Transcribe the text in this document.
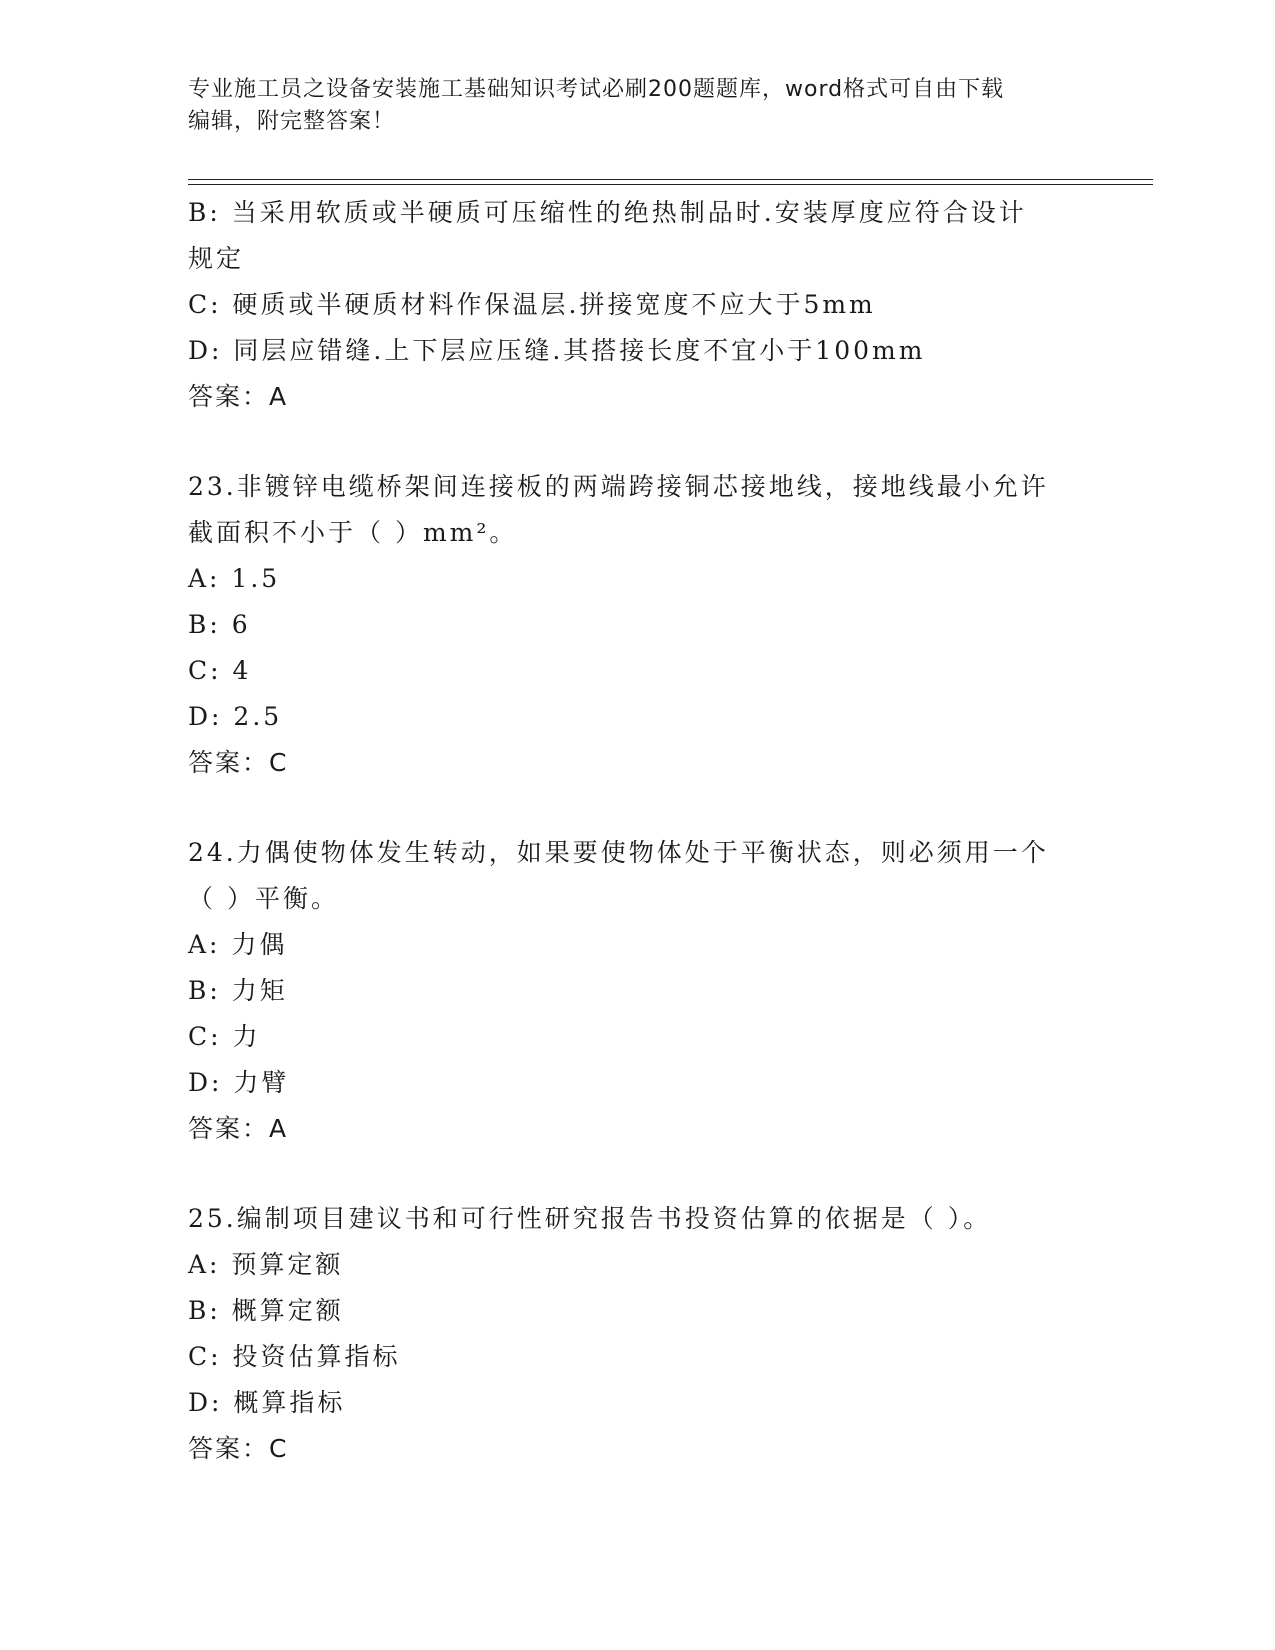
专业施工员之设备安装施工基础知识考试必刷200题题库，word格式可自由下载
编辑，附完整答案！
B: 当采用软质或半硬质可压缩性的绝热制品时.安装厚度应符合设计
规定
C: 硬质或半硬质材料作保温层.拼接宽度不应大于5mm
D: 同层应错缝.上下层应压缝.其搭接长度不宜小于100mm
答案：A
23.非镀锌电缆桥架间连接板的两端跨接铜芯接地线，接地线最小允许
截面积不小于（ ）mm²。
A: 1.5
B: 6
C: 4
D: 2.5
答案：C
24.力偶使物体发生转动，如果要使物体处于平衡状态，则必须用一个
（ ）平衡。
A: 力偶
B: 力矩
C: 力
D: 力臂
答案：A
25.编制项目建议书和可行性研究报告书投资估算的依据是（ ）。
A: 预算定额
B: 概算定额
C: 投资估算指标
D: 概算指标
答案：C
